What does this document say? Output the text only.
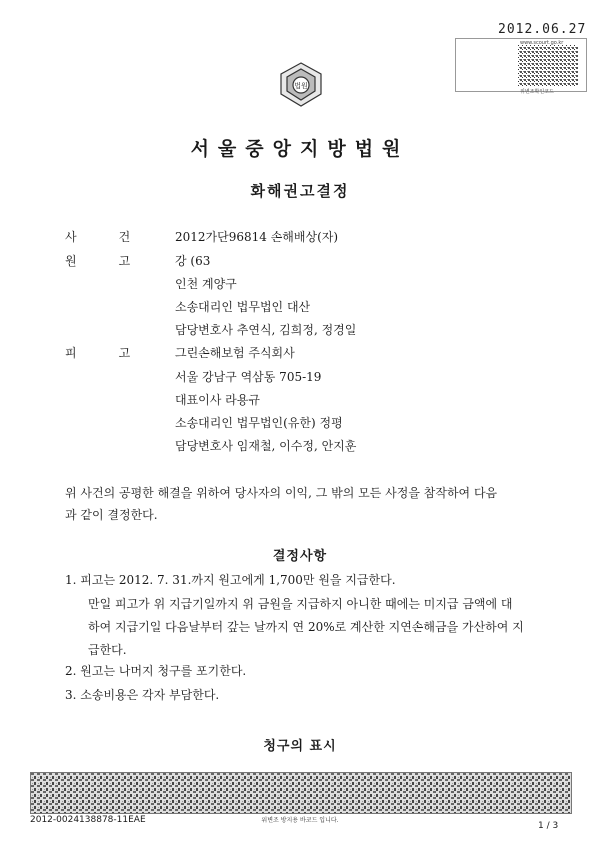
2012.06.27
www.scourt.go.kr
위변조확인코드
법원
서울중앙지방법원
화해권고결정
사	건	2012가단96814 손해배상(자)
원	고	강 (63
인천 계양구
소송대리인 법무법인 대산
담당변호사 추연식, 김희정, 정경일
피	고	그린손해보험 주식회사
서울 강남구 역삼동 705-19
대표이사 라용규
소송대리인 법무법인(유한) 정평
담당변호사 임재철, 이수정, 안지훈
위 사건의 공평한 해결을 위하여 당사자의 이익, 그 밖의 모든 사정을 참작하여 다음
과 같이 결정한다.
결정사항
1. 피고는 2012. 7. 31.까지 원고에게 1,700만 원을 지급한다.
만일 피고가 위 지급기일까지 위 금원을 지급하지 아니한 때에는 미지급 금액에 대
하여 지급기일 다음날부터 갚는 날까지 연 20%로 계산한 지연손해금을 가산하여 지
급한다.
2. 원고는 나머지 청구를 포기한다.
3. 소송비용은 각자 부담한다.
청구의 표시
2012-0024138878-11EAE	위변조 방지용 바코드 입니다.
1 / 3
